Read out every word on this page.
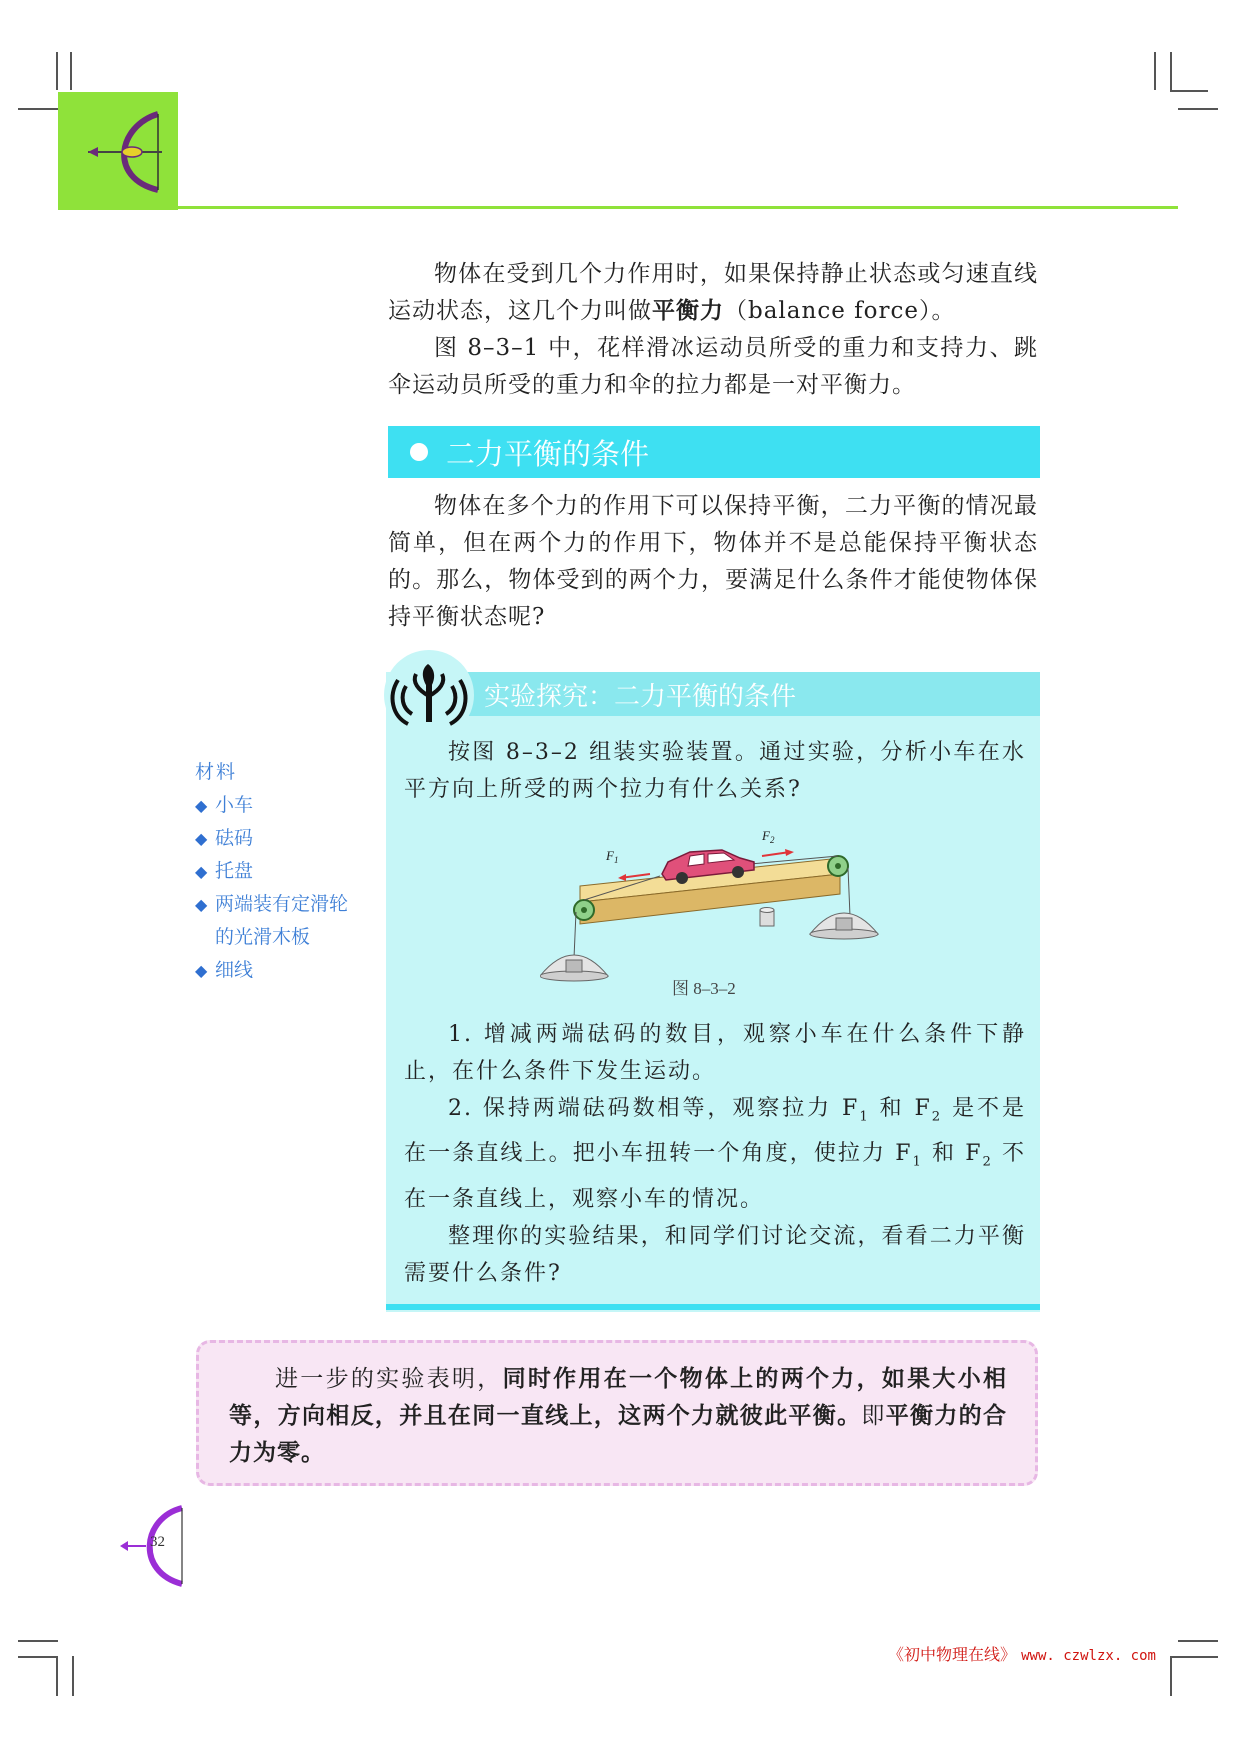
物体在受到几个力作用时，如果保持静止状态或匀速直线运动状态，这几个力叫做平衡力（balance force）。

图 8–3–1 中，花样滑冰运动员所受的重力和支持力、跳伞运动员所受的重力和伞的拉力都是一对平衡力。

二力平衡的条件

物体在多个力的作用下可以保持平衡，二力平衡的情况最简单，但在两个力的作用下，物体并不是总能保持平衡状态的。那么，物体受到的两个力，要满足什么条件才能使物体保持平衡状态呢?

材料
◆ 小车
◆ 砝码
◆ 托盘
◆ 两端装有定滑轮的光滑木板
◆ 细线
实验探究：二力平衡的条件

按图 8–3–2 组装实验装置。通过实验，分析小车在水平方向上所受的两个拉力有什么关系?

$F_1$
$F_2$
图 8–3–2

1. 增减两端砝码的数目，观察小车在什么条件下静止，在什么条件下发生运动。

2. 保持两端砝码数相等，观察拉力 $F_1$ 和 $F_2$ 是不是在一条直线上。把小车扭转一个角度，使拉力 $F_1$ 和 $F_2$ 不在一条直线上，观察小车的情况。

整理你的实验结果，和同学们讨论交流，看看二力平衡需要什么条件?

进一步的实验表明，同时作用在一个物体上的两个力，如果大小相等，方向相反，并且在同一直线上，这两个力就彼此平衡。即平衡力的合力为零。

32
《初中物理在线》 www. czwlzx. com
